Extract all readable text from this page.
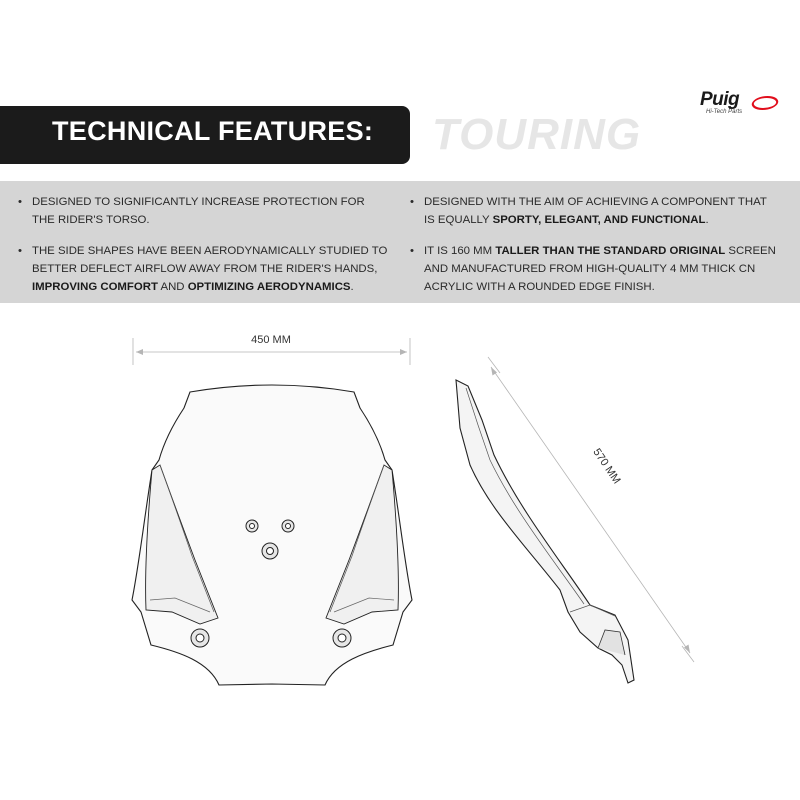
Puig
Hi-Tech Parts
TECHNICAL FEATURES: TOURING
• DESIGNED TO SIGNIFICANTLY INCREASE PROTECTION FOR THE RIDER'S TORSO.
• THE SIDE SHAPES HAVE BEEN AERODYNAMICALLY STUDIED TO BETTER DEFLECT AIRFLOW AWAY FROM THE RIDER'S HANDS, IMPROVING COMFORT AND OPTIMIZING AERODYNAMICS.
• DESIGNED WITH THE AIM OF ACHIEVING A COMPONENT THAT IS EQUALLY SPORTY, ELEGANT, AND FUNCTIONAL.
• IT IS 160 MM TALLER THAN THE STANDARD ORIGINAL SCREEN AND MANUFACTURED FROM HIGH-QUALITY 4 MM THICK CN ACRYLIC WITH A ROUNDED EDGE FINISH.
450 MM
570 MM
